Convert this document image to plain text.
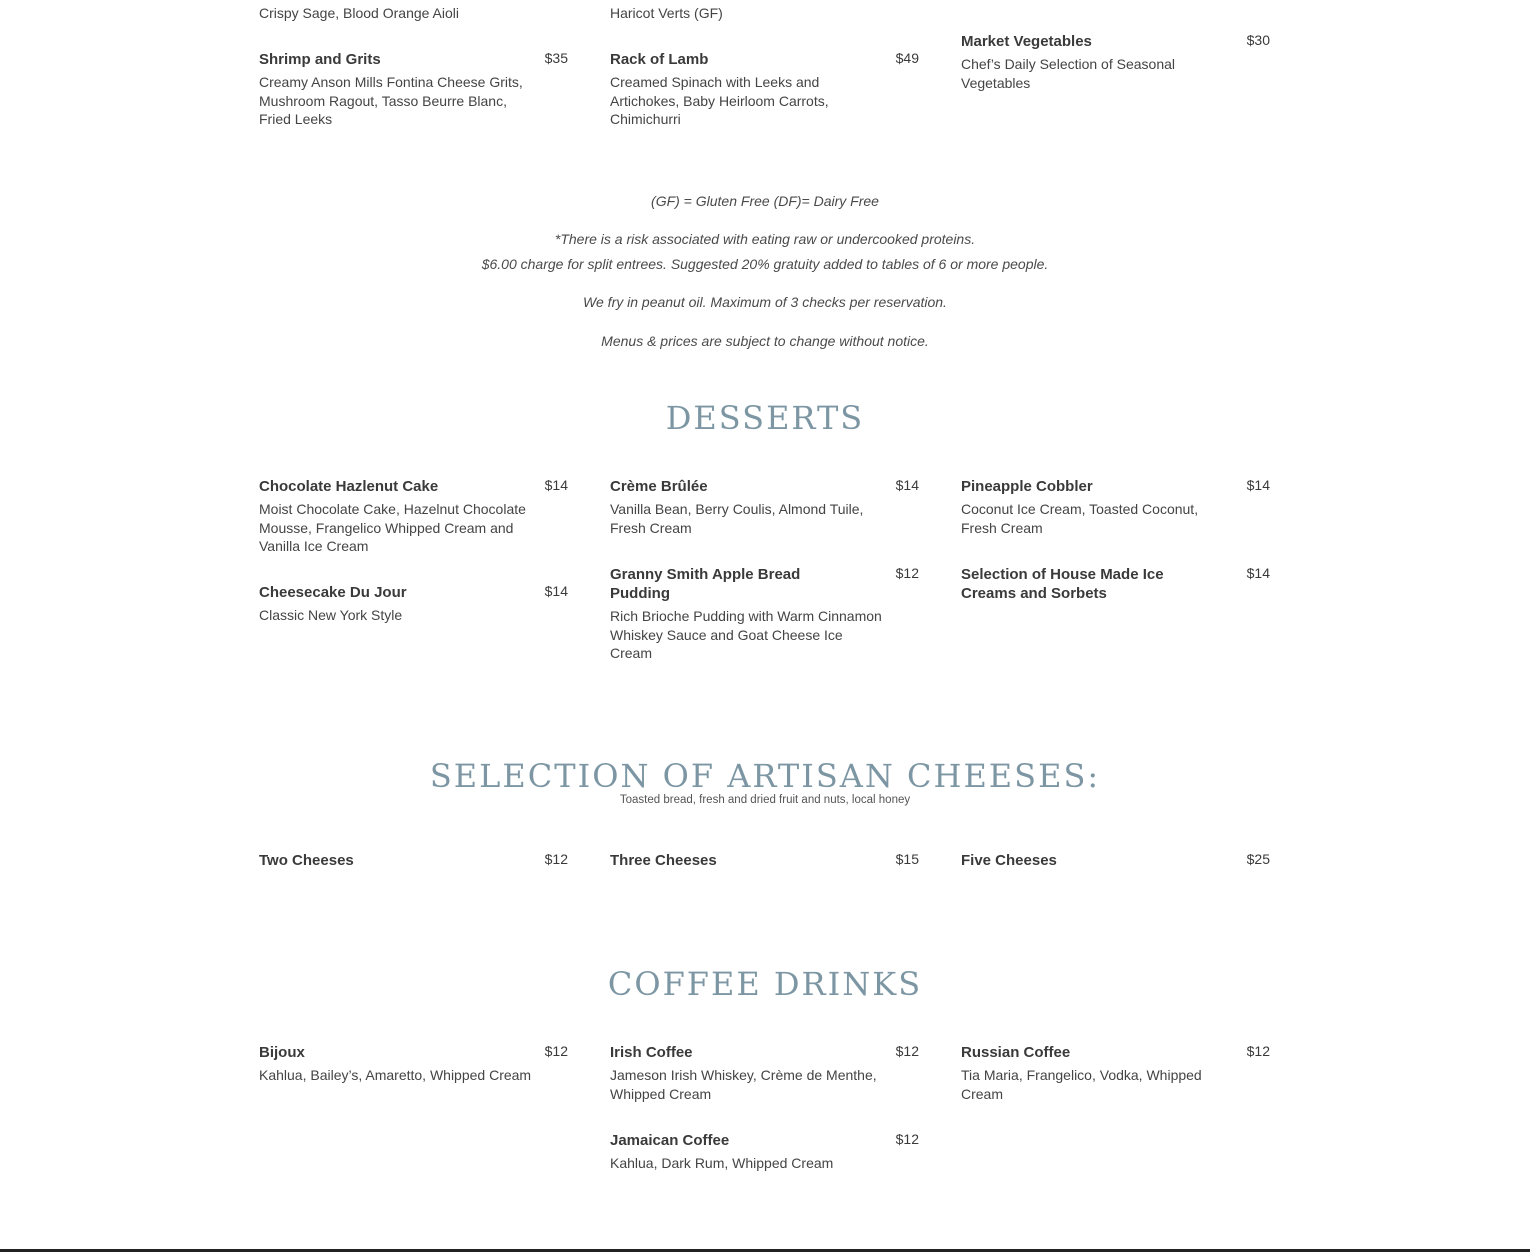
Crispy Sage, Blood Orange Aioli
Shrimp and Grits	$35
Creamy Anson Mills Fontina Cheese Grits, Mushroom Ragout, Tasso Beurre Blanc, Fried Leeks
Haricot Verts (GF)
Rack of Lamb	$49
Creamed Spinach with Leeks and Artichokes, Baby Heirloom Carrots, Chimichurri
Market Vegetables	$30
Chef’s Daily Selection of Seasonal Vegetables
(GF) = Gluten Free (DF)= Dairy Free
*There is a risk associated with eating raw or undercooked proteins.
$6.00 charge for split entrees. Suggested 20% gratuity added to tables of 6 or more people.
We fry in peanut oil. Maximum of 3 checks per reservation.
Menus & prices are subject to change without notice.
DESSERTS
Chocolate Hazlenut Cake	$14
Moist Chocolate Cake, Hazelnut Chocolate Mousse, Frangelico Whipped Cream and Vanilla Ice Cream
Cheesecake Du Jour	$14
Classic New York Style
Crème Brûlée	$14
Vanilla Bean, Berry Coulis, Almond Tuile, Fresh Cream
Granny Smith Apple Bread Pudding
$12
Rich Brioche Pudding with Warm Cinnamon Whiskey Sauce and Goat Cheese Ice Cream
Pineapple Cobbler	$14
Coconut Ice Cream, Toasted Coconut, Fresh Cream
Selection of House Made Ice Creams and Sorbets
$14
SELECTION OF ARTISAN CHEESES:
Toasted bread, fresh and dried fruit and nuts, local honey
Two Cheeses	$12	Three Cheeses	$15	Five Cheeses	$25
COFFEE DRINKS
Bijoux	$12
Kahlua, Bailey’s, Amaretto, Whipped Cream
Irish Coffee	$12
Jameson Irish Whiskey, Crème de Menthe, Whipped Cream
Jamaican Coffee	$12
Kahlua, Dark Rum, Whipped Cream
Russian Coffee	$12
Tia Maria, Frangelico, Vodka, Whipped Cream
